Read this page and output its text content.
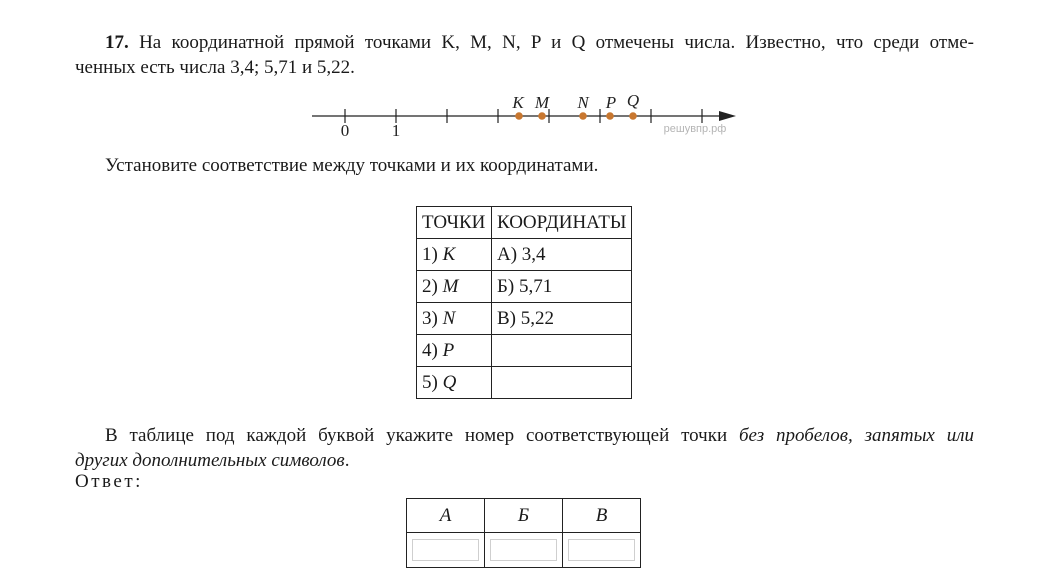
17. На координатной прямой точками K, M, N, P и Q отмечены числа. Известно, что среди отме-
ченных есть числа 3,4; 5,71 и 5,22.
0	1
K M N P Q
решувпр.рф
Установите соответствие между точками и их координатами.
ТОЧКИ	КООРДИНАТЫ
1) K	А) 3,4
2) M	Б) 5,71
3) N	В) 5,22
4) P	
5) Q	
В таблице под каждой буквой укажите номер соответствующей точки без пробелов, запятых или
других дополнительных символов.
Ответ:
А	Б	В
